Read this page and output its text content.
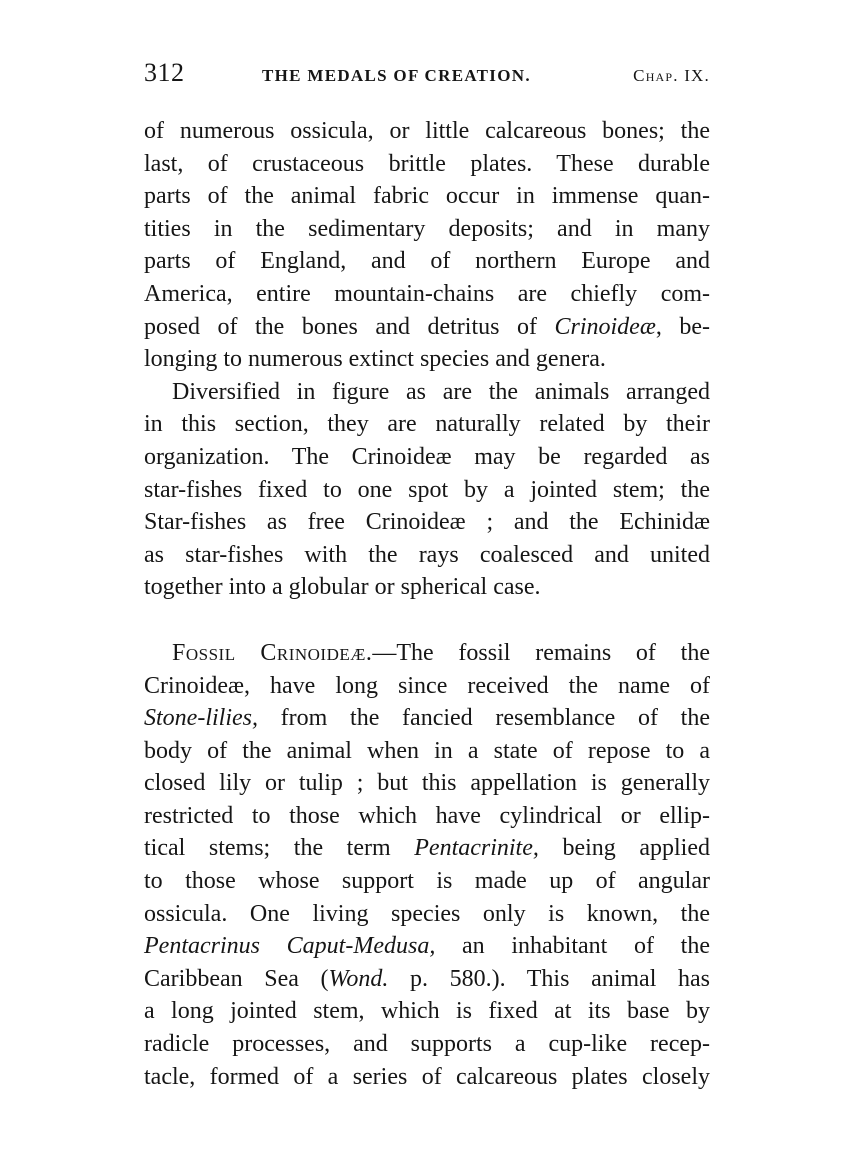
312	THE MEDALS OF CREATION.	Chap. IX.
of numerous ossicula, or little calcareous bones; the
last, of crustaceous brittle plates. These durable
parts of the animal fabric occur in immense quan-
tities in the sedimentary deposits; and in many
parts of England, and of northern Europe and
America, entire mountain-chains are chiefly com-
posed of the bones and detritus of Crinoideæ, be-
longing to numerous extinct species and genera.
Diversified in figure as are the animals arranged
in this section, they are naturally related by their
organization. The Crinoideæ may be regarded as
star-fishes fixed to one spot by a jointed stem; the
Star-fishes as free Crinoideæ ; and the Echinidæ
as star-fishes with the rays coalesced and united
together into a globular or spherical case.
Fossil Crinoideæ.—The fossil remains of the
Crinoideæ, have long since received the name of
Stone-lilies, from the fancied resemblance of the
body of the animal when in a state of repose to a
closed lily or tulip ; but this appellation is generally
restricted to those which have cylindrical or ellip-
tical stems; the term Pentacrinite, being applied
to those whose support is made up of angular
ossicula. One living species only is known, the
Pentacrinus Caput-Medusa, an inhabitant of the
Caribbean Sea (Wond. p. 580.). This animal has
a long jointed stem, which is fixed at its base by
radicle processes, and supports a cup-like recep-
tacle, formed of a series of calcareous plates closely
